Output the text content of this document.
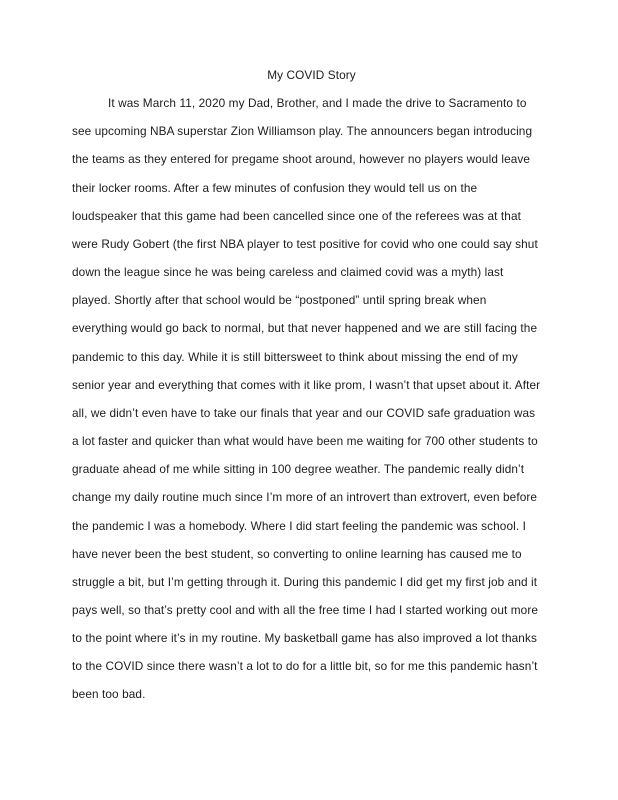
My COVID Story
It was March 11, 2020 my Dad, Brother, and I made the drive to Sacramento to
see upcoming NBA superstar Zion Williamson play. The announcers began introducing
the teams as they entered for pregame shoot around, however no players would leave
their locker rooms. After a few minutes of confusion they would tell us on the
loudspeaker that this game had been cancelled since one of the referees was at that
were Rudy Gobert (the first NBA player to test positive for covid who one could say shut
down the league since he was being careless and claimed covid was a myth) last
played. Shortly after that school would be “postponed” until spring break when
everything would go back to normal, but that never happened and we are still facing the
pandemic to this day. While it is still bittersweet to think about missing the end of my
senior year and everything that comes with it like prom, I wasn’t that upset about it. After
all, we didn’t even have to take our finals that year and our COVID safe graduation was
a lot faster and quicker than what would have been me waiting for 700 other students to
graduate ahead of me while sitting in 100 degree weather. The pandemic really didn’t
change my daily routine much since I’m more of an introvert than extrovert, even before
the pandemic I was a homebody. Where I did start feeling the pandemic was school. I
have never been the best student, so converting to online learning has caused me to
struggle a bit, but I’m getting through it. During this pandemic I did get my first job and it
pays well, so that’s pretty cool and with all the free time I had I started working out more
to the point where it’s in my routine. My basketball game has also improved a lot thanks
to the COVID since there wasn’t a lot to do for a little bit, so for me this pandemic hasn’t
been too bad.
